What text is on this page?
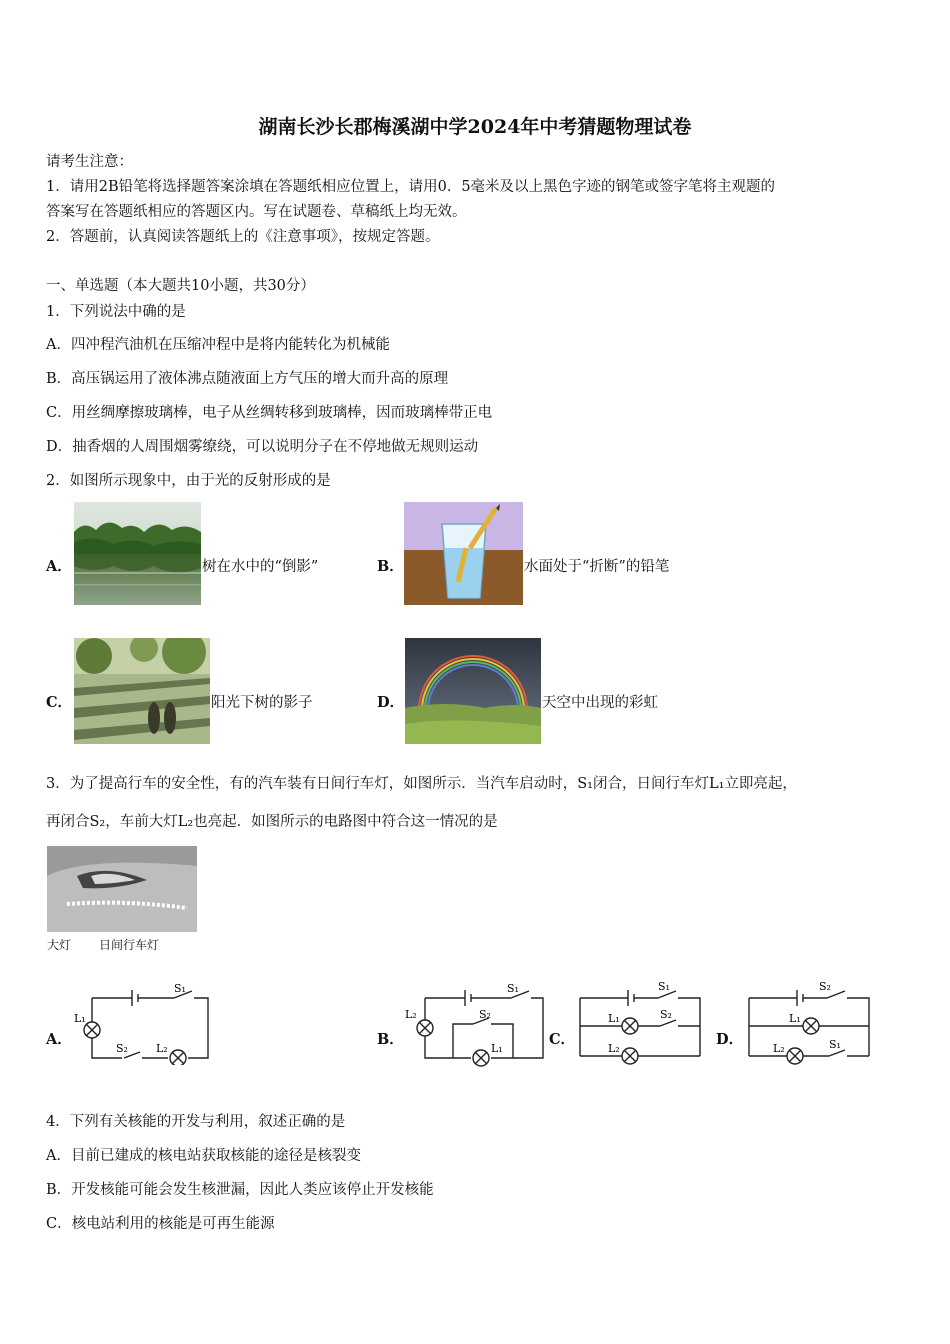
湖南长沙长郡梅溪湖中学2024年中考猜题物理试卷
请考生注意：
1．请用2B铅笔将选择题答案涂填在答题纸相应位置上，请用0．5毫米及以上黑色字迹的钢笔或签字笔将主观题的
答案写在答题纸相应的答题区内。写在试题卷、草稿纸上均无效。
2．答题前，认真阅读答题纸上的《注意事项》，按规定答题。
一、单选题（本大题共10小题，共30分）
1．下列说法中确的是
A．四冲程汽油机在压缩冲程中是将内能转化为机械能
B．高压锅运用了液体沸点随液面上方气压的增大而升高的原理
C．用丝绸摩擦玻璃棒，电子从丝绸转移到玻璃棒，因而玻璃棒带正电
D．抽香烟的人周围烟雾缭绕，可以说明分子在不停地做无规则运动
2．如图所示现象中，由于光的反射形成的是
A．	树在水中的“倒影”	B．	水面处于“折断”的铅笔
C．	阳光下树的影子	D．	天空中出现的彩虹
3．为了提高行车的安全性，有的汽车装有日间行车灯，如图所示．当汽车启动时，S₁闭合，日间行车灯L₁立即亮起，
再闭合S₂，车前大灯L₂也亮起．如图所示的电路图中符合这一情况的是
大灯 日间行车灯
A．	B．	C．	D．
S₁
L₁
S₂	L₂
S₁
L₂	S₂
L₁
S₁
L₁	S₂
L₂
S₂
L₁
L₂	S₁
4．下列有关核能的开发与利用，叙述正确的是
A．目前已建成的核电站获取核能的途径是核裂变
B．开发核能可能会发生核泄漏，因此人类应该停止开发核能
C．核电站利用的核能是可再生能源
